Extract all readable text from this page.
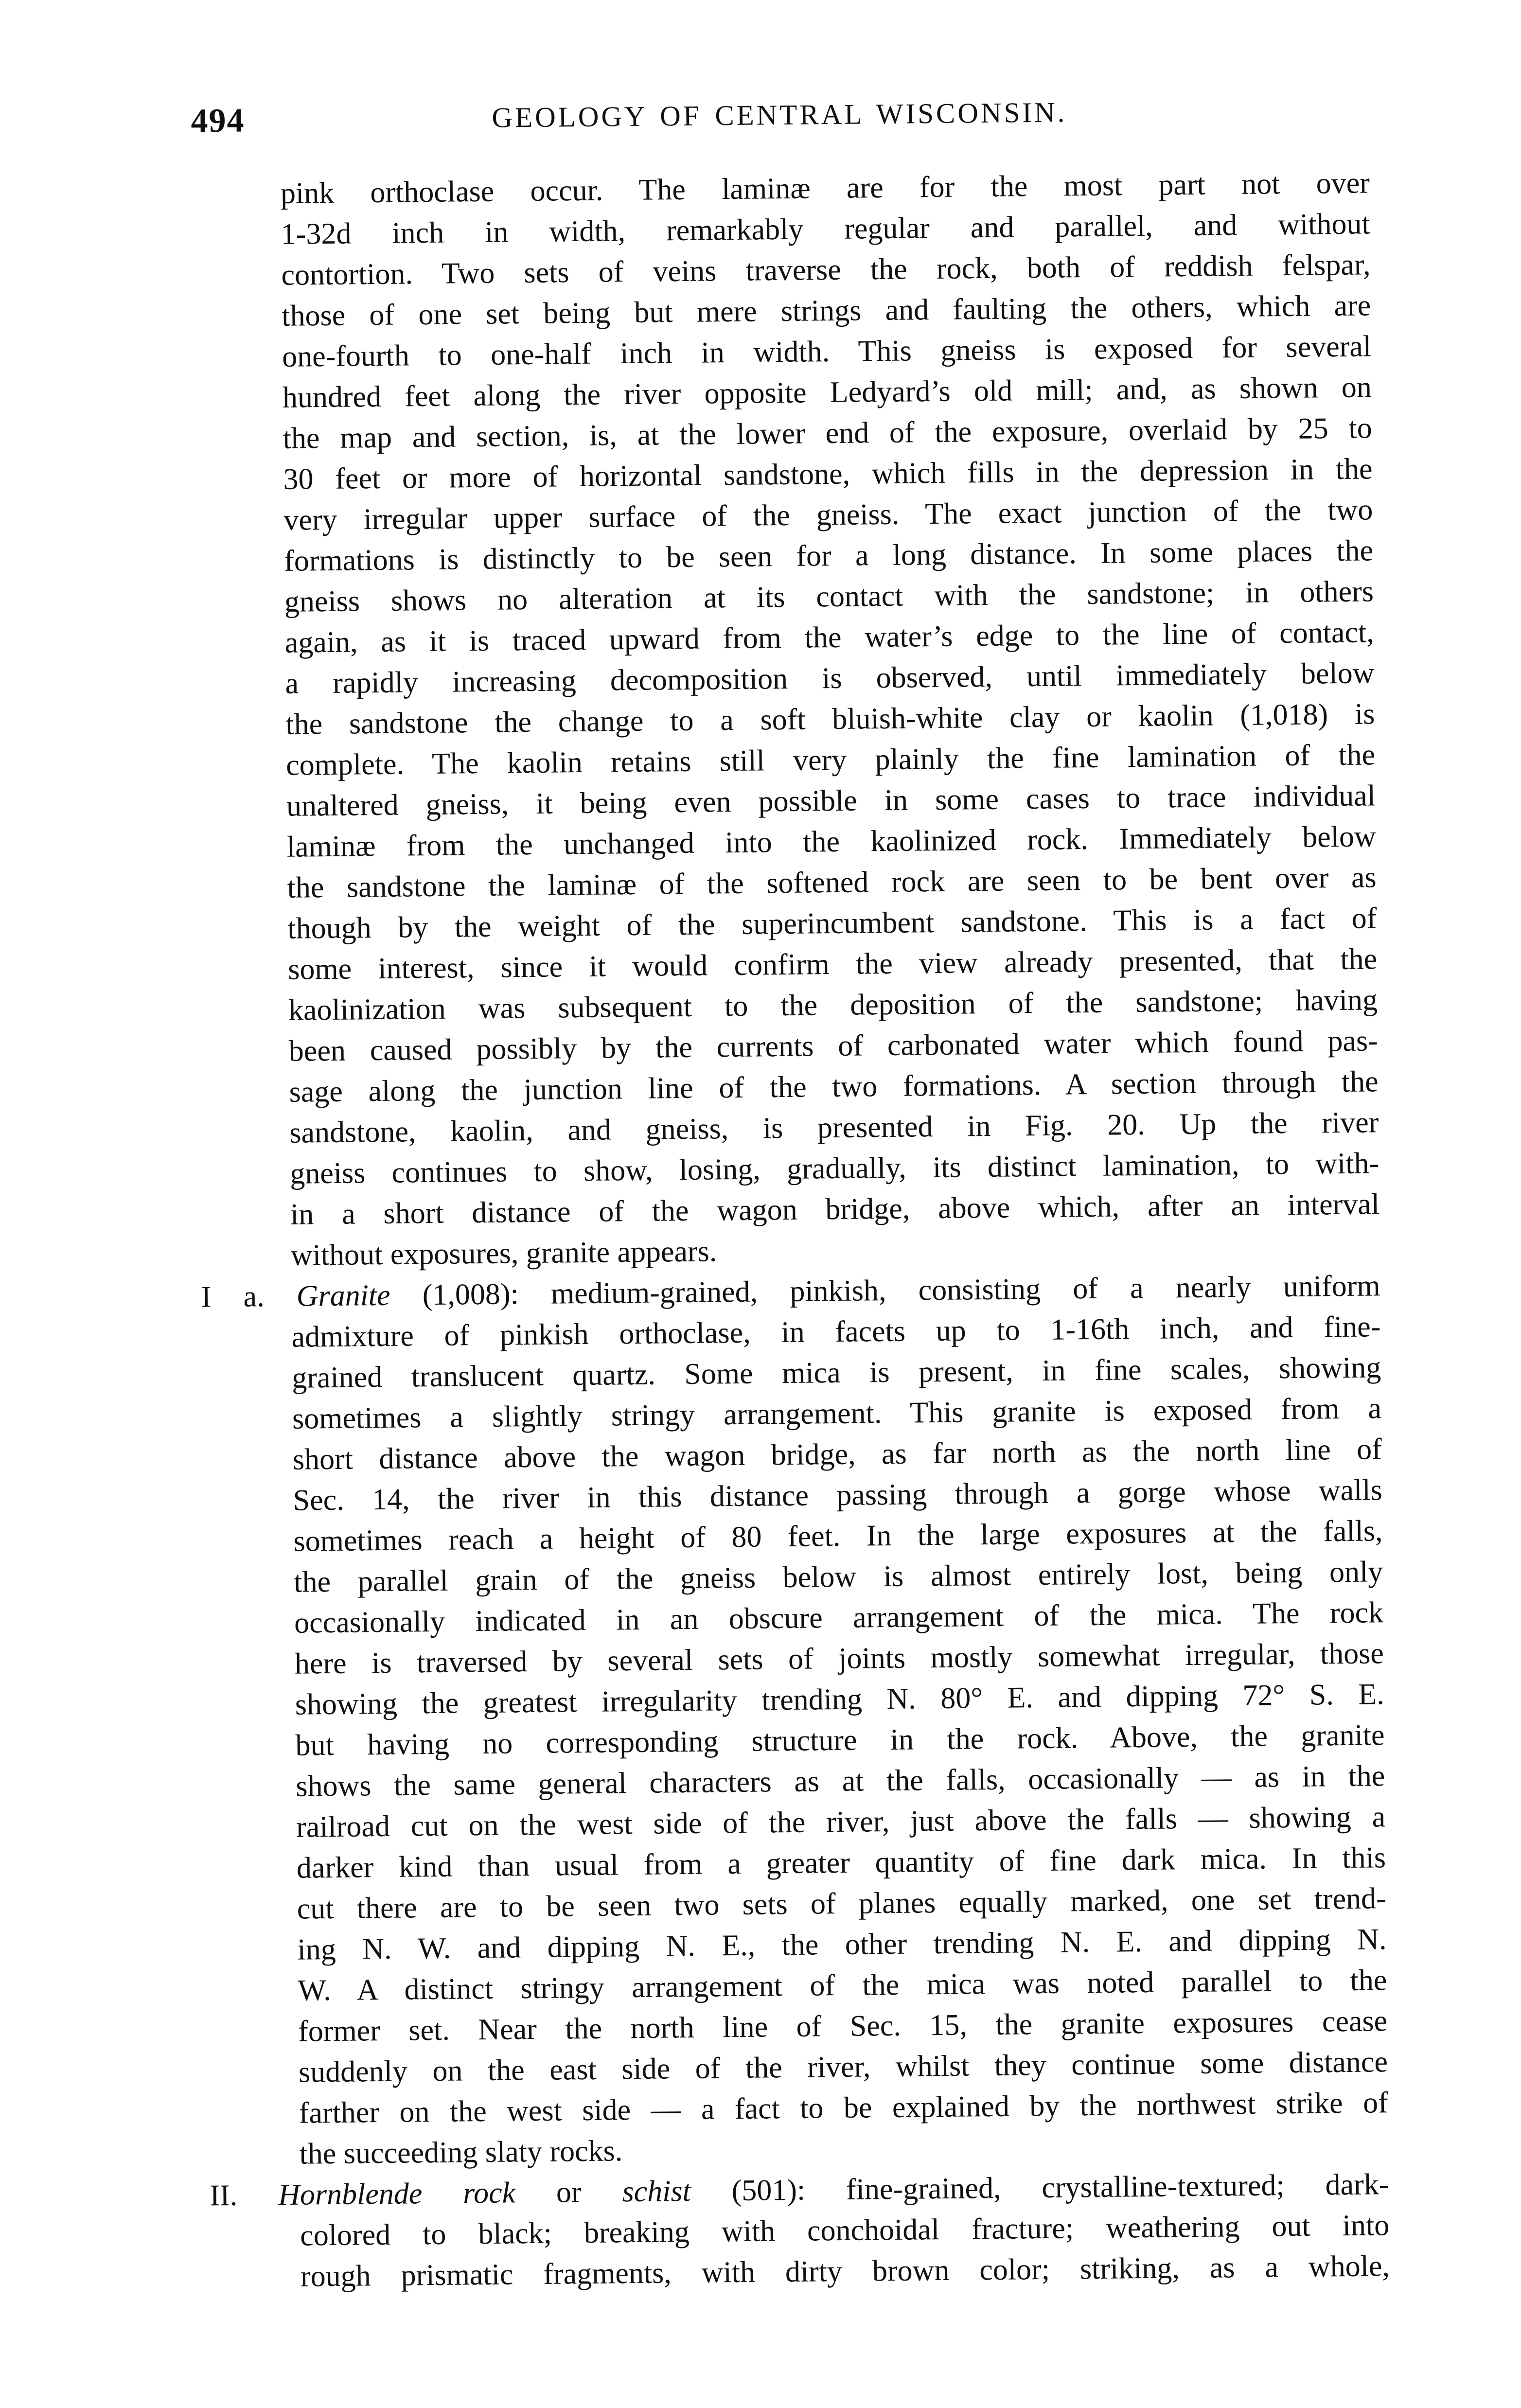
494	GEOLOGY OF CENTRAL WISCONSIN.
pink orthoclase occur. The laminæ are for the most part not over
1-32d inch in width, remarkably regular and parallel, and without
contortion. Two sets of veins traverse the rock, both of reddish felspar,
those of one set being but mere strings and faulting the others, which are
one-fourth to one-half inch in width. This gneiss is exposed for several
hundred feet along the river opposite Ledyard’s old mill; and, as shown on
the map and section, is, at the lower end of the exposure, overlaid by 25 to
30 feet or more of horizontal sandstone, which fills in the depression in the
very irregular upper surface of the gneiss. The exact junction of the two
formations is distinctly to be seen for a long distance. In some places the
gneiss shows no alteration at its contact with the sandstone; in others
again, as it is traced upward from the water’s edge to the line of contact,
a rapidly increasing decomposition is observed, until immediately below
the sandstone the change to a soft bluish-white clay or kaolin (1,018) is
complete. The kaolin retains still very plainly the fine lamination of the
unaltered gneiss, it being even possible in some cases to trace individual
laminæ from the unchanged into the kaolinized rock. Immediately below
the sandstone the laminæ of the softened rock are seen to be bent over as
though by the weight of the superincumbent sandstone. This is a fact of
some interest, since it would confirm the view already presented, that the
kaolinization was subsequent to the deposition of the sandstone; having
been caused possibly by the currents of carbonated water which found pas-
sage along the junction line of the two formations. A section through the
sandstone, kaolin, and gneiss, is presented in Fig. 20. Up the river
gneiss continues to show, losing, gradually, its distinct lamination, to with-
in a short distance of the wagon bridge, above which, after an interval
without exposures, granite appears.
I a. Granite (1,008): medium-grained, pinkish, consisting of a nearly uniform
admixture of pinkish orthoclase, in facets up to 1-16th inch, and fine-
grained translucent quartz. Some mica is present, in fine scales, showing
sometimes a slightly stringy arrangement. This granite is exposed from a
short distance above the wagon bridge, as far north as the north line of
Sec. 14, the river in this distance passing through a gorge whose walls
sometimes reach a height of 80 feet. In the large exposures at the falls,
the parallel grain of the gneiss below is almost entirely lost, being only
occasionally indicated in an obscure arrangement of the mica. The rock
here is traversed by several sets of joints mostly somewhat irregular, those
showing the greatest irregularity trending N. 80° E. and dipping 72° S. E.
but having no corresponding structure in the rock. Above, the granite
shows the same general characters as at the falls, occasionally — as in the
railroad cut on the west side of the river, just above the falls — showing a
darker kind than usual from a greater quantity of fine dark mica. In this
cut there are to be seen two sets of planes equally marked, one set trend-
ing N. W. and dipping N. E., the other trending N. E. and dipping N.
W. A distinct stringy arrangement of the mica was noted parallel to the
former set. Near the north line of Sec. 15, the granite exposures cease
suddenly on the east side of the river, whilst they continue some distance
farther on the west side — a fact to be explained by the northwest strike of
the succeeding slaty rocks.
II. Hornblende rock or schist (501): fine-grained, crystalline-textured; dark-
colored to black; breaking with conchoidal fracture; weathering out into
rough prismatic fragments, with dirty brown color; striking, as a whole,
